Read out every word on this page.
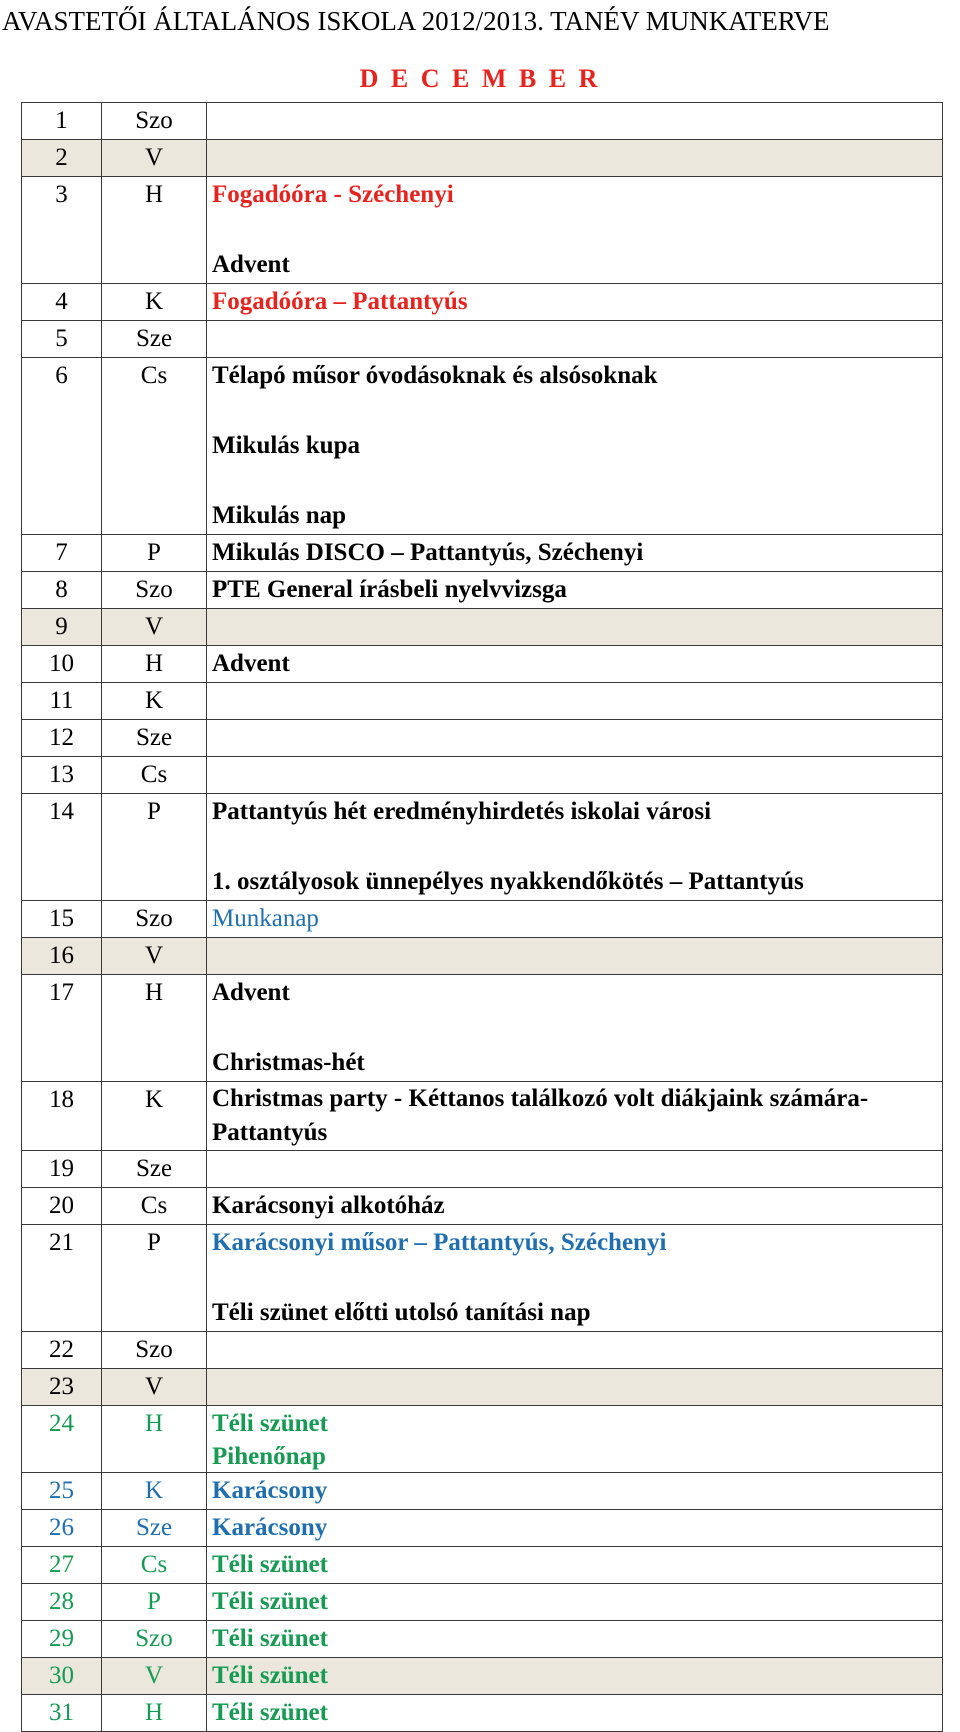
AVASTETŐI ÁLTALÁNOS ISKOLA 2012/2013. TANÉV MUNKATERVE
D E C E M B E R
1	Szo	
2	V	
3	H	Fogadóóra - Széchenyi
Advent

4	K	Fogadóóra – Pattantyús

5	Sze	
6	Cs	Télapó műsor óvodásoknak és alsósoknak
Mikulás kupa
Mikulás nap

7	P	Mikulás DISCO – Pattantyús, Széchenyi

8	Szo	PTE General írásbeli nyelvvizsga

9	V	
10	H	Advent

11	K	
12	Sze	
13	Cs	
14	P	Pattantyús hét eredményhirdetés iskolai városi
1. osztályosok ünnepélyes nyakkendőkötés – Pattantyús

15	Szo	Munkanap

16	V	
17	H	Advent
Christmas-hét

18	K	Christmas party - Kéttanos találkozó volt diákjaink számára- Pattantyús

19	Sze	
20	Cs	Karácsonyi alkotóház

21	P	Karácsonyi műsor – Pattantyús, Széchenyi
Téli szünet előtti utolsó tanítási nap

22	Szo	
23	V	
24	H	Téli szünet
Pihenőnap

25	K	Karácsony

26	Sze	Karácsony

27	Cs	Téli szünet

28	P	Téli szünet

29	Szo	Téli szünet

30	V	Téli szünet

31	H	Téli szünet
